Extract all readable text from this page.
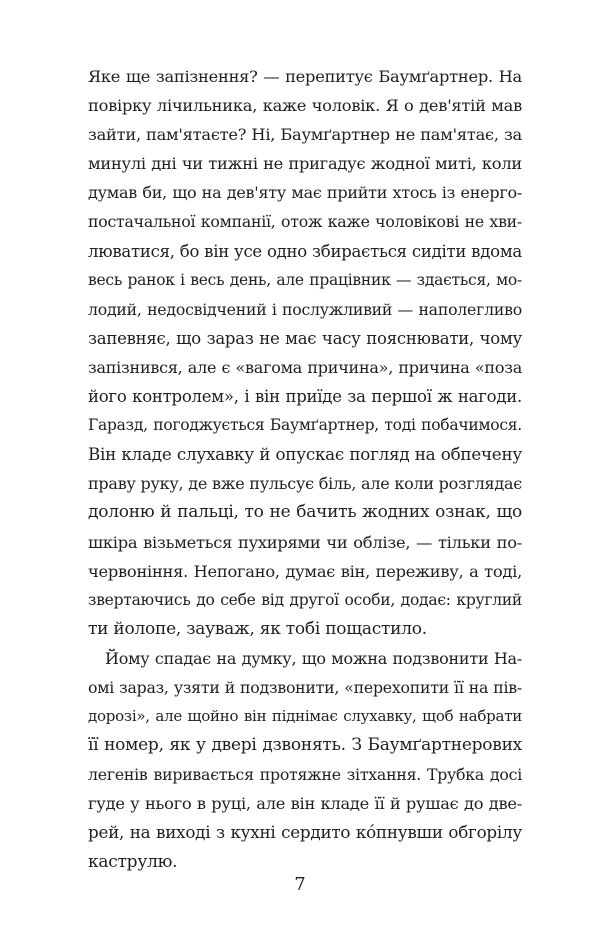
Яке ще запізнення? — перепитує Баумґартнер. На
повірку лічильника, каже чоловік. Я о дев'ятій мав
зайти, пам'ятаєте? Ні, Баумґартнер не пам'ятає, за
минулі дні чи тижні не пригадує жодної миті, коли
думав би, що на дев'яту має прийти хтось із енерго-
постачальної компанії, отож каже чоловікові не хви-
люватися, бо він усе одно збирається сидіти вдома
весь ранок і весь день, але працівник — здається, мо-
лодий, недосвідчений і послужливий — наполегливо
запевняє, що зараз не має часу пояснювати, чому
запізнився, але є «вагома причина», причина «поза
його контролем», і він приїде за першої ж нагоди.
Гаразд, погоджується Баумґартнер, тоді побачимося.
Він кладе слухавку й опускає погляд на обпечену
праву руку, де вже пульсує біль, але коли розглядає
долоню й пальці, то не бачить жодних ознак, що
шкіра візьметься пухирями чи облізе, — тільки по-
червоніння. Непогано, думає він, переживу, а тоді,
звертаючись до себе від другої особи, додає: круглий
ти йолопе, зауваж, як тобі пощастило.
Йому спадає на думку, що можна подзвонити На-
омі зараз, узяти й подзвонити, «перехопити її на пів-
дорозі», але щойно він піднімає слухавку, щоб набрати
її номер, як у двері дзвонять. З Баумґартнерових
легенів виривається протяжне зітхання. Трубка досі
гуде у нього в руці, але він кладе її й рушає до две-
рей, на виході з кухні сердито кóпнувши обгорілу
каструлю.
7
